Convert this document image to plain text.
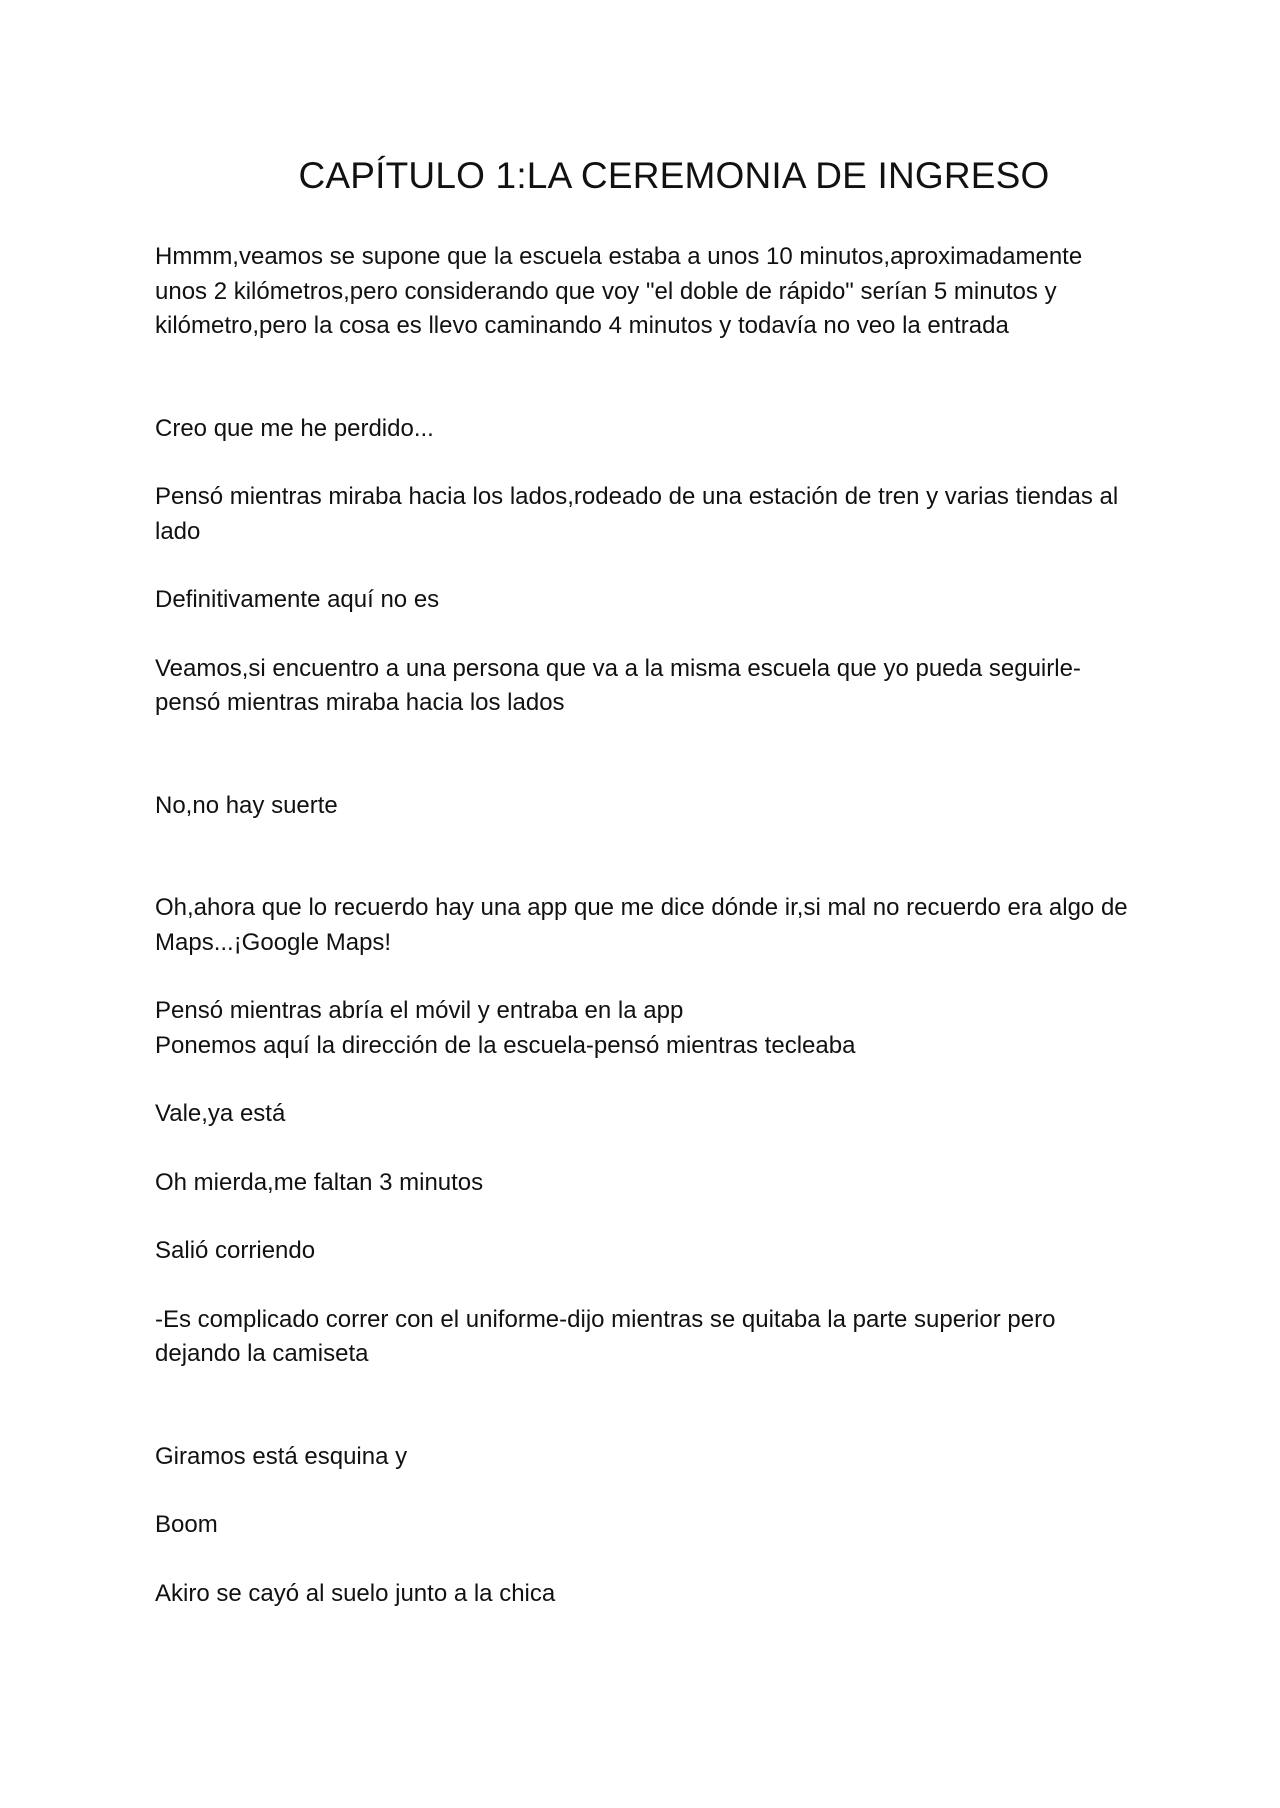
CAPÍTULO 1:LA CEREMONIA DE INGRESO

Hmmm,veamos se supone que la escuela estaba a unos 10 minutos,aproximadamente unos 2 kilómetros,pero considerando que voy "el doble de rápido" serían 5 minutos y kilómetro,pero la cosa es llevo caminando 4 minutos y todavía no veo la entrada

Creo que me he perdido...

Pensó mientras miraba hacia los lados,rodeado de una estación de tren y varias tiendas al lado

Definitivamente aquí no es

Veamos,si encuentro a una persona que va a la misma escuela que yo pueda seguirle-pensó mientras miraba hacia los lados

No,no hay suerte

Oh,ahora que lo recuerdo hay una app que me dice dónde ir,si mal no recuerdo era algo de Maps...¡Google Maps!

Pensó mientras abría el móvil y entraba en la app

Ponemos aquí la dirección de la escuela-pensó mientras tecleaba

Vale,ya está

Oh mierda,me faltan 3 minutos

Salió corriendo

-Es complicado correr con el uniforme-dijo mientras se quitaba la parte superior pero dejando la camiseta

Giramos está esquina y

Boom

Akiro se cayó al suelo junto a la chica
